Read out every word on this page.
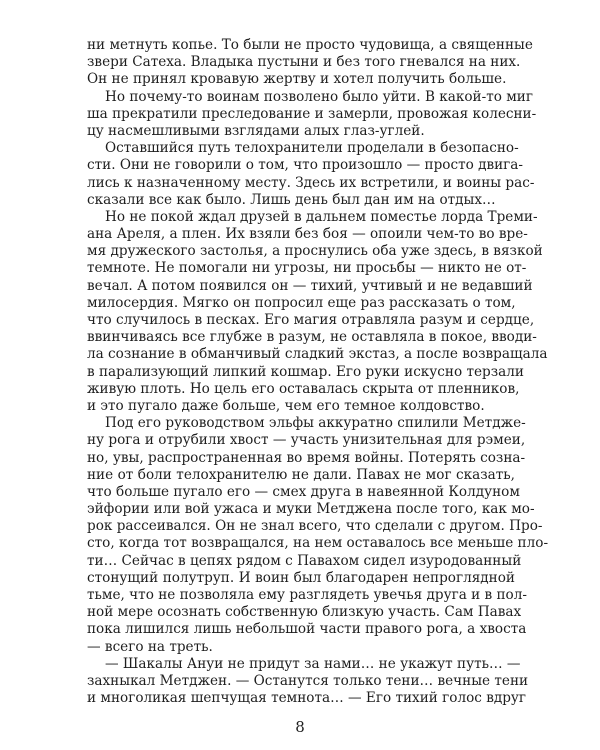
ни метнуть копье. То были не просто чудовища, а священные
звери Сатеха. Владыка пустыни и без того гневался на них.
Он не принял кровавую жертву и хотел получить больше.
Но почему-то воинам позволено было уйти. В какой-то миг
ша прекратили преследование и замерли, провожая колесни-
цу насмешливыми взглядами алых глаз-углей.
Оставшийся путь телохранители проделали в безопасно-
сти. Они не говорили о том, что произошло — просто двига-
лись к назначенному месту. Здесь их встретили, и воины рас-
сказали все как было. Лишь день был дан им на отдых…
Но не покой ждал друзей в дальнем поместье лорда Треми-
ана Ареля, а плен. Их взяли без боя — опоили чем-то во вре-
мя дружеского застолья, а проснулись оба уже здесь, в вязкой
темноте. Не помогали ни угрозы, ни просьбы — никто не от-
вечал. А потом появился он — тихий, учтивый и не ведавший
милосердия. Мягко он попросил еще раз рассказать о том,
что случилось в песках. Его магия отравляла разум и сердце,
ввинчиваясь все глубже в разум, не оставляла в покое, вводи-
ла сознание в обманчивый сладкий экстаз, а после возвращала
в парализующий липкий кошмар. Его руки искусно терзали
живую плоть. Но цель его оставалась скрыта от пленников,
и это пугало даже больше, чем его темное колдовство.
Под его руководством эльфы аккуратно спилили Метдже-
ну рога и отрубили хвост — участь унизительная для рэмеи,
но, увы, распространенная во время войны. Потерять созна-
ние от боли телохранителю не дали. Павах не мог сказать,
что больше пугало его — смех друга в навеянной Колдуном
эйфории или вой ужаса и муки Метджена после того, как мо-
рок рассеивался. Он не знал всего, что сделали с другом. Про-
сто, когда тот возвращался, на нем оставалось все меньше пло-
ти… Сейчас в цепях рядом с Павахом сидел изуродованный
стонущий полутруп. И воин был благодарен непроглядной
тьме, что не позволяла ему разглядеть увечья друга и в пол-
ной мере осознать собственную близкую участь. Сам Павах
пока лишился лишь небольшой части правого рога, а хвоста
— всего на треть.
— Шакалы Ануи не придут за нами… не укажут путь… —
захныкал Метджен. — Останутся только тени… вечные тени
и многоликая шепчущая темнота… — Его тихий голос вдруг
8
